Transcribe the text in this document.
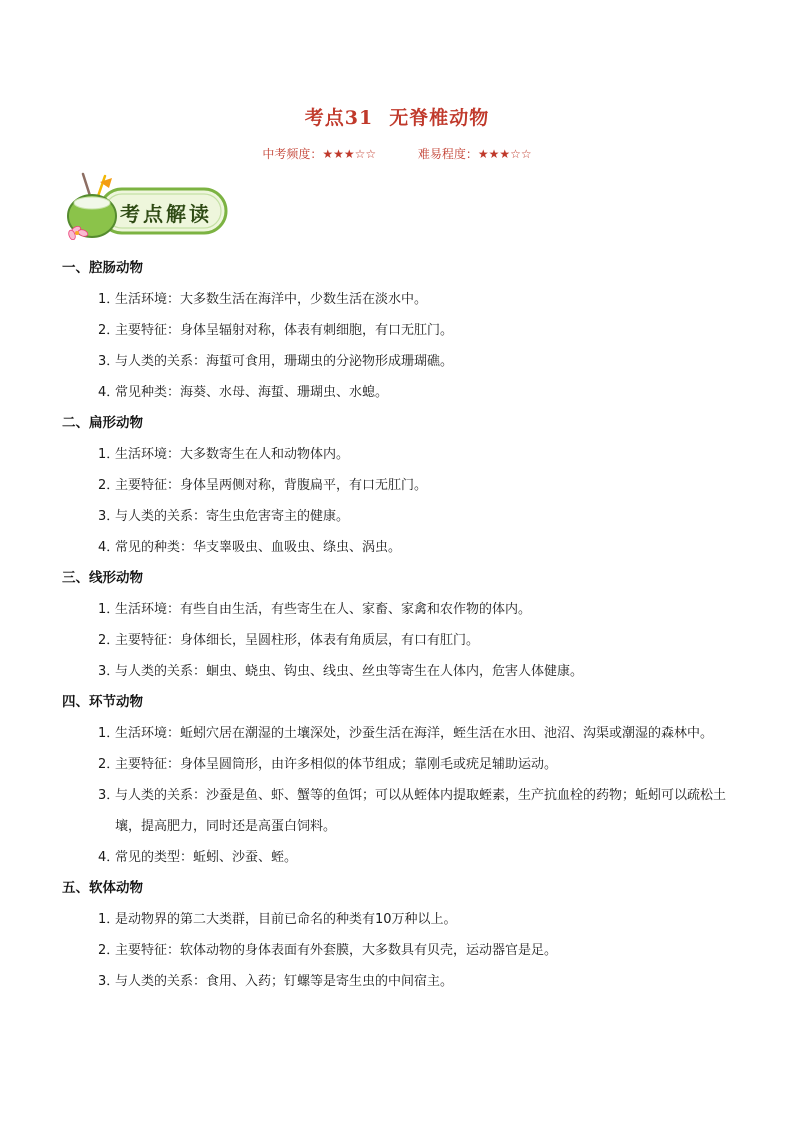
考点31 无脊椎动物
中考频度：★★★☆☆	难易程度：★★★☆☆
考点解读
一、腔肠动物
1．
生活环境：大多数生活在海洋中，少数生活在淡水中。
2．
主要特征：身体呈辐射对称，体表有刺细胞，有口无肛门。
3．
与人类的关系：海蜇可食用，珊瑚虫的分泌物形成珊瑚礁。
4．
常见种类：海葵、水母、海蜇、珊瑚虫、水螅。
二、扁形动物
1．
生活环境：大多数寄生在人和动物体内。
2．
主要特征：身体呈两侧对称，背腹扁平，有口无肛门。
3．
与人类的关系：寄生虫危害寄主的健康。
4．
常见的种类：华支睾吸虫、血吸虫、绦虫、涡虫。
三、线形动物
1．
生活环境：有些自由生活，有些寄生在人、家畜、家禽和农作物的体内。
2．
主要特征：身体细长，呈圆柱形，体表有角质层，有口有肛门。
3．
与人类的关系：蛔虫、蛲虫、钩虫、线虫、丝虫等寄生在人体内，危害人体健康。
四、环节动物
1．
生活环境：蚯蚓穴居在潮湿的土壤深处，沙蚕生活在海洋，蛭生活在水田、池沼、沟渠或潮湿的森林中。
2．
主要特征：身体呈圆筒形，由许多相似的体节组成；靠刚毛或疣足辅助运动。
3．
与人类的关系：沙蚕是鱼、虾、蟹等的鱼饵；可以从蛭体内提取蛭素，生产抗血栓的药物；蚯蚓可以疏松土壤，提高肥力，同时还是高蛋白饲料。
4．
常见的类型：蚯蚓、沙蚕、蛭。
五、软体动物
1．
是动物界的第二大类群，目前已命名的种类有10万种以上。
2．
主要特征：软体动物的身体表面有外套膜，大多数具有贝壳，运动器官是足。
3．
与人类的关系：食用、入药；钉螺等是寄生虫的中间宿主。
